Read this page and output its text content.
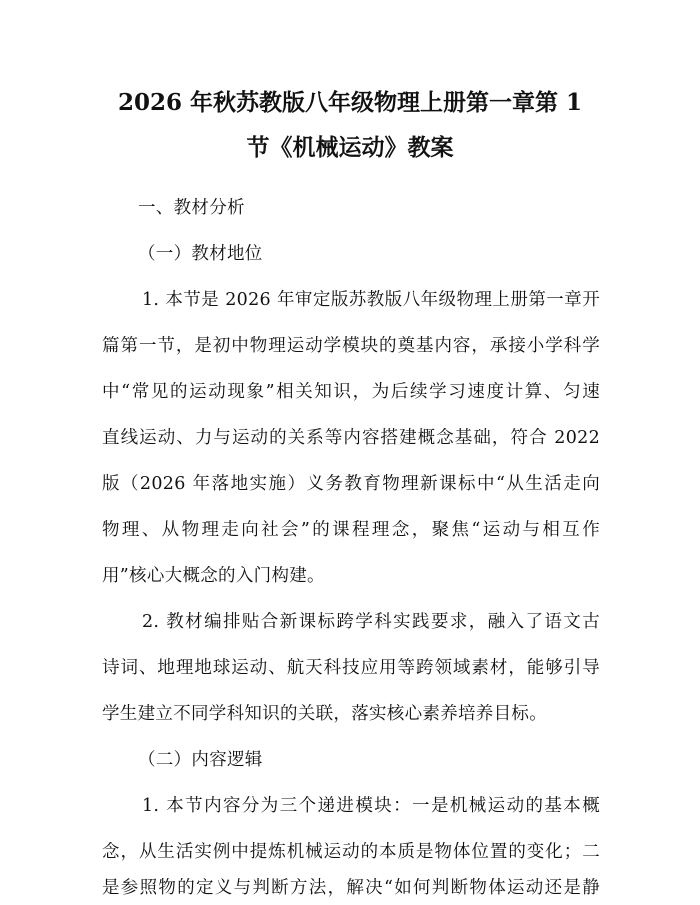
2026 年秋苏教版八年级物理上册第一章第 1
节《机械运动》教案

一、教材分析

（一）教材地位

1. 本节是 2026 年审定版苏教版八年级物理上册第一章开

篇第一节，是初中物理运动学模块的奠基内容，承接小学科学

中“常见的运动现象”相关知识，为后续学习速度计算、匀速

直线运动、力与运动的关系等内容搭建概念基础，符合 2022

版（2026 年落地实施）义务教育物理新课标中“从生活走向

物理、从物理走向社会”的课程理念，聚焦“运动与相互作

用”核心大概念的入门构建。

2. 教材编排贴合新课标跨学科实践要求，融入了语文古

诗词、地理地球运动、航天科技应用等跨领域素材，能够引导

学生建立不同学科知识的关联，落实核心素养培养目标。

（二）内容逻辑

1. 本节内容分为三个递进模块：一是机械运动的基本概

念，从生活实例中提炼机械运动的本质是物体位置的变化；二

是参照物的定义与判断方法，解决“如何判断物体运动还是静
